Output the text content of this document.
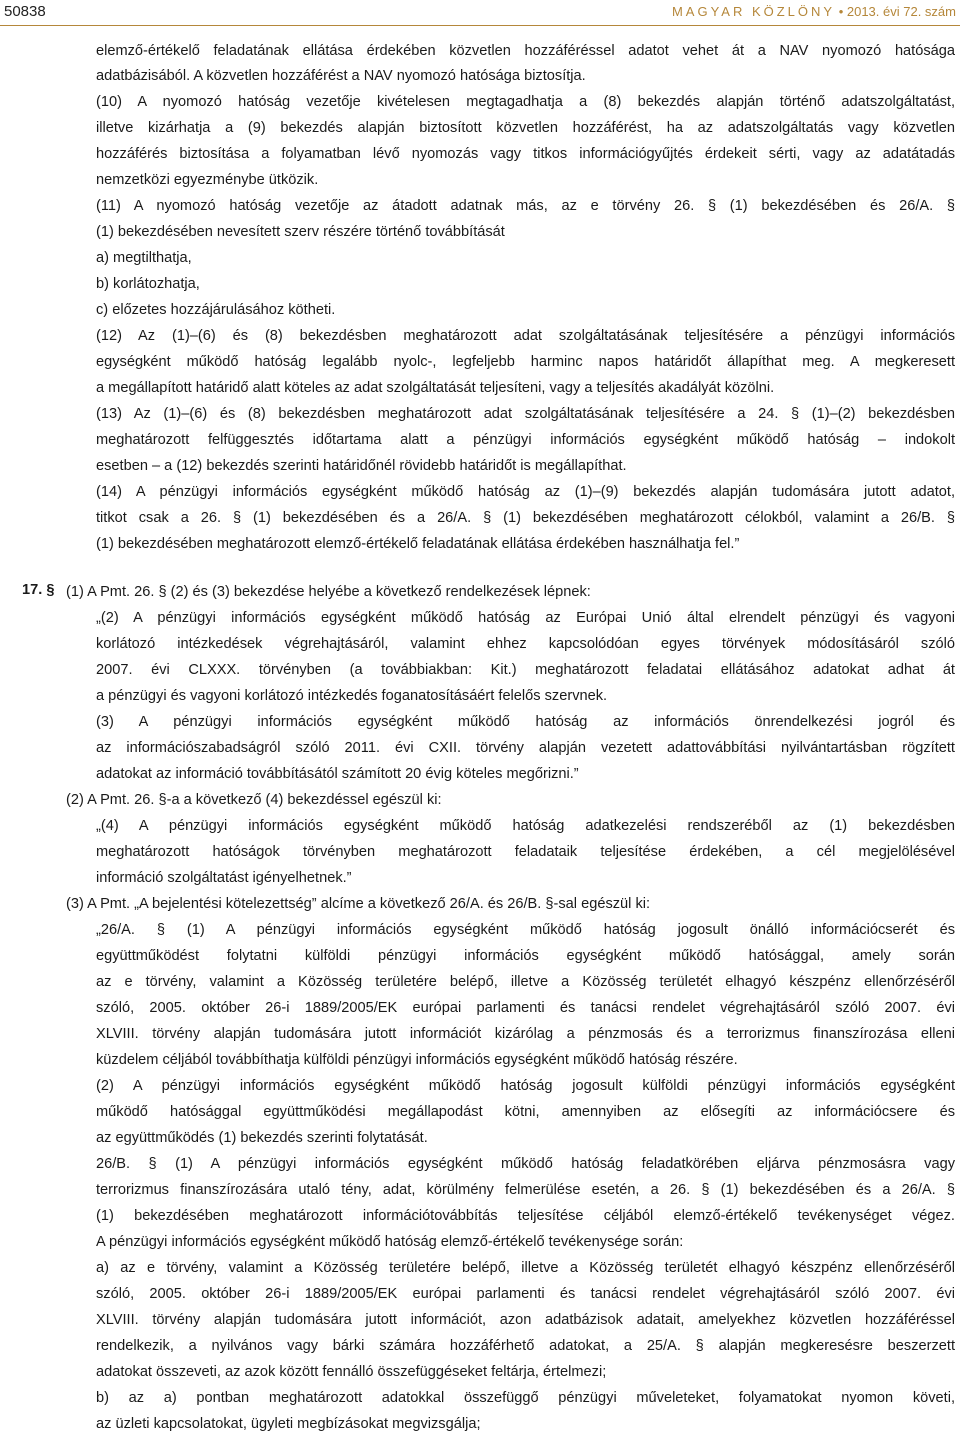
50838	MAGYAR KÖZLÖNY • 2013. évi 72. szám
17. §
elemző-értékelő feladatának ellátása érdekében közvetlen hozzáféréssel adatot vehet át a NAV nyomozó hatósága
adatbázisából. A közvetlen hozzáférést a NAV nyomozó hatósága biztosítja.
(10) A nyomozó hatóság vezetője kivételesen megtagadhatja a (8) bekezdés alapján történő adatszolgáltatást,
illetve kizárhatja a (9) bekezdés alapján biztosított közvetlen hozzáférést, ha az adatszolgáltatás vagy közvetlen
hozzáférés biztosítása a folyamatban lévő nyomozás vagy titkos információgyűjtés érdekeit sérti, vagy az adatátadás
nemzetközi egyezménybe ütközik.
(11) A nyomozó hatóság vezetője az átadott adatnak más, az e törvény 26. § (1) bekezdésében és 26/A. §
(1) bekezdésében nevesített szerv részére történő továbbítását
a) megtilthatja,
b) korlátozhatja,
c) előzetes hozzájárulásához kötheti.
(12) Az (1)–(6) és (8) bekezdésben meghatározott adat szolgáltatásának teljesítésére a pénzügyi információs
egységként működő hatóság legalább nyolc-, legfeljebb harminc napos határidőt állapíthat meg. A megkeresett
a megállapított határidő alatt köteles az adat szolgáltatását teljesíteni, vagy a teljesítés akadályát közölni.
(13) Az (1)–(6) és (8) bekezdésben meghatározott adat szolgáltatásának teljesítésére a 24. § (1)–(2) bekezdésben
meghatározott felfüggesztés időtartama alatt a pénzügyi információs egységként működő hatóság – indokolt
esetben – a (12) bekezdés szerinti határidőnél rövidebb határidőt is megállapíthat.
(14) A pénzügyi információs egységként működő hatóság az (1)–(9) bekezdés alapján tudomására jutott adatot,
titkot csak a 26. § (1) bekezdésében és a 26/A. § (1) bekezdésében meghatározott célokból, valamint a 26/B. §
(1) bekezdésében meghatározott elemző-értékelő feladatának ellátása érdekében használhatja fel.”
(1) A Pmt. 26. § (2) és (3) bekezdése helyébe a következő rendelkezések lépnek:
„(2) A pénzügyi információs egységként működő hatóság az Európai Unió által elrendelt pénzügyi és vagyoni
korlátozó intézkedések végrehajtásáról, valamint ehhez kapcsolódóan egyes törvények módosításáról szóló
2007. évi CLXXX. törvényben (a továbbiakban: Kit.) meghatározott feladatai ellátásához adatokat adhat át
a pénzügyi és vagyoni korlátozó intézkedés foganatosításáért felelős szervnek.
(3) A pénzügyi információs egységként működő hatóság az információs önrendelkezési jogról és
az információszabadságról szóló 2011. évi CXII. törvény alapján vezetett adattovábbítási nyilvántartásban rögzített
adatokat az információ továbbításától számított 20 évig köteles megőrizni.”
(2) A Pmt. 26. §-a a következő (4) bekezdéssel egészül ki:
„(4) A pénzügyi információs egységként működő hatóság adatkezelési rendszeréből az (1) bekezdésben
meghatározott hatóságok törvényben meghatározott feladataik teljesítése érdekében, a cél megjelölésével
információ szolgáltatást igényelhetnek.”
(3) A Pmt. „A bejelentési kötelezettség” alcíme a következő 26/A. és 26/B. §-sal egészül ki:
„26/A. § (1) A pénzügyi információs egységként működő hatóság jogosult önálló információcserét és
együttműködést folytatni külföldi pénzügyi információs egységként működő hatósággal, amely során
az e törvény, valamint a Közösség területére belépő, illetve a Közösség területét elhagyó készpénz ellenőrzéséről
szóló, 2005. október 26-i 1889/2005/EK európai parlamenti és tanácsi rendelet végrehajtásáról szóló 2007. évi
XLVIII. törvény alapján tudomására jutott információt kizárólag a pénzmosás és a terrorizmus finanszírozása elleni
küzdelem céljából továbbíthatja külföldi pénzügyi információs egységként működő hatóság részére.
(2) A pénzügyi információs egységként működő hatóság jogosult külföldi pénzügyi információs egységként
működő hatósággal együttműködési megállapodást kötni, amennyiben az elősegíti az információcsere és
az együttműködés (1) bekezdés szerinti folytatását.
26/B. § (1) A pénzügyi információs egységként működő hatóság feladatkörében eljárva pénzmosásra vagy
terrorizmus finanszírozására utaló tény, adat, körülmény felmerülése esetén, a 26. § (1) bekezdésében és a 26/A. §
(1) bekezdésében meghatározott információtovábbítás teljesítése céljából elemző-értékelő tevékenységet végez.
A pénzügyi információs egységként működő hatóság elemző-értékelő tevékenysége során:
a) az e törvény, valamint a Közösség területére belépő, illetve a Közösség területét elhagyó készpénz ellenőrzéséről
szóló, 2005. október 26-i 1889/2005/EK európai parlamenti és tanácsi rendelet végrehajtásáról szóló 2007. évi
XLVIII. törvény alapján tudomására jutott információt, azon adatbázisok adatait, amelyekhez közvetlen hozzáféréssel
rendelkezik, a nyilvános vagy bárki számára hozzáférhető adatokat, a 25/A. § alapján megkeresésre beszerzett
adatokat összeveti, az azok között fennálló összefüggéseket feltárja, értelmezi;
b) az a) pontban meghatározott adatokkal összefüggő pénzügyi műveleteket, folyamatokat nyomon követi,
az üzleti kapcsolatokat, ügyleti megbízásokat megvizsgálja;
